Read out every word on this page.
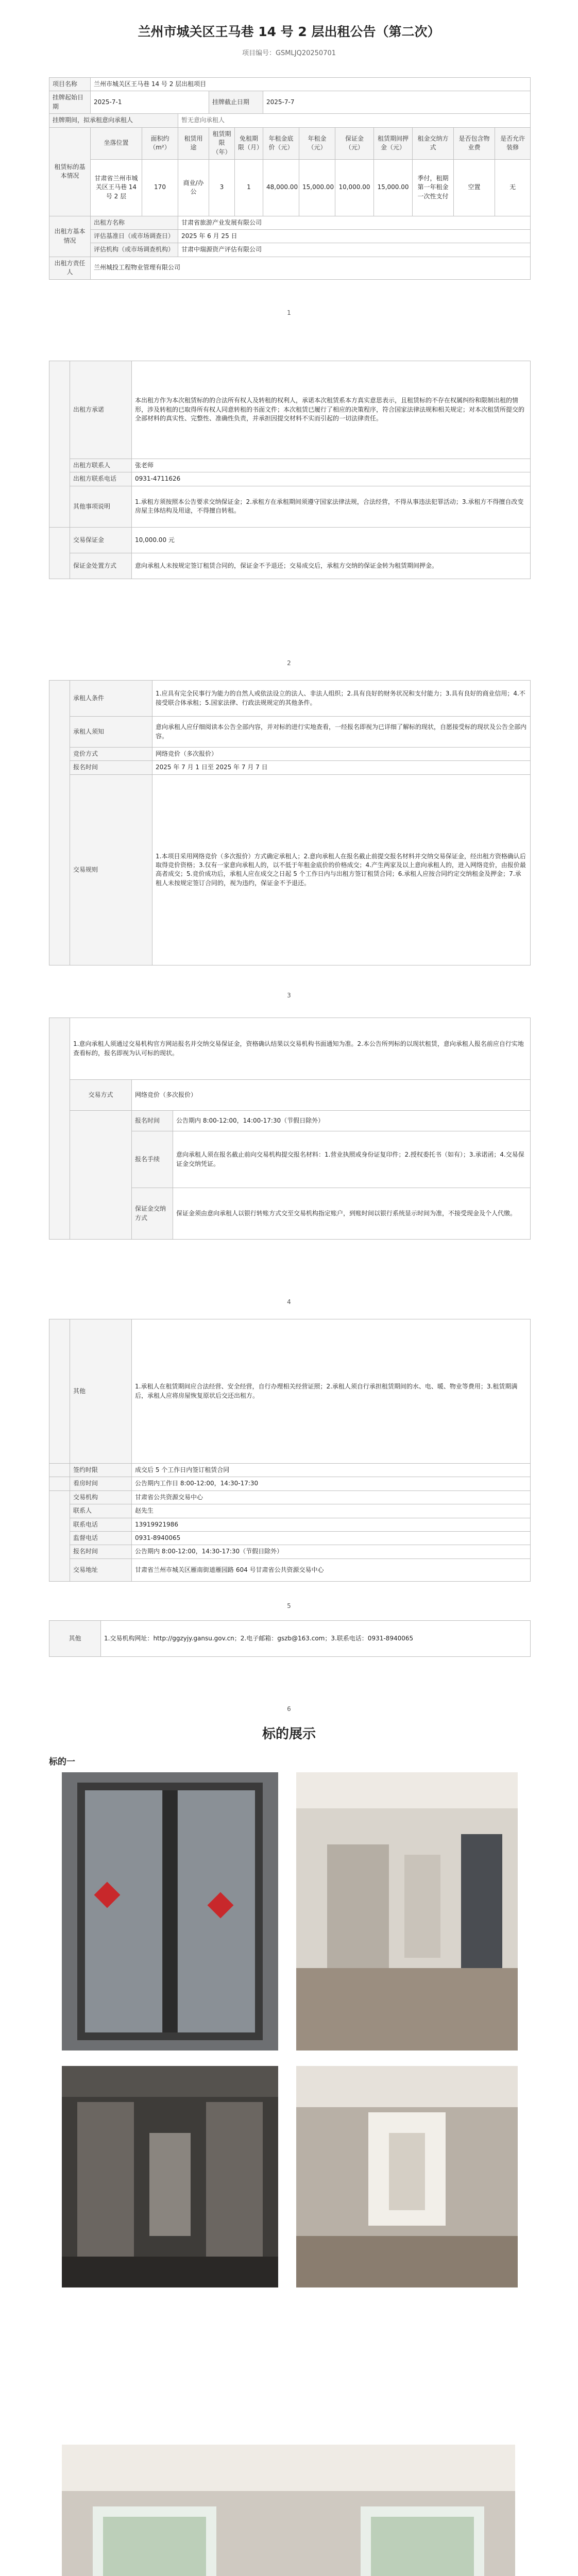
兰州市城关区王马巷 14 号 2 层出租公告（第二次）
项目编号：GSMLJQ20250701
项目名称	兰州市城关区王马巷 14 号 2 层出租项目											
挂牌起始日期	2025-7-1			挂牌截止日期		2025-7-7						
挂牌期间，拟承租意向承租人			暂无意向承租人									
租赁标的基本情况	坐落位置	面积约（m²）	租赁用途	租赁期限（年）	免租期限（月）	年租金底价（元）	年租金（元）	保证金（元）	租赁期间押金（元）	租金交纳方式	是否包含物业费	是否允许装修
	甘肃省兰州市城关区王马巷 14 号 2 层	170	商业/办公	3	1	48,000.00	15,000.00	10,000.00	15,000.00	季付，租期第一年租金一次性支付	空置	无
出租方基本情况	出租方名称		甘肃省旅游产业发展有限公司									
	评估基准日（或市场调查日）		2025 年 6 月 25 日									
	评估机构（或市场调查机构）		甘肃中瑞源资产评估有限公司									
出租方责任人	兰州城投工程物业管理有限公司											
1
	出租方承诺	本出租方作为本次租赁标的的合法所有权人及转租的权利人，承诺本次租赁系本方真实意思表示，且租赁标的不存在权属纠纷和限制出租的情形，涉及转租的已取得所有权人同意转租的书面文件；本次租赁已履行了相应的决策程序，符合国家法律法规和相关规定；对本次租赁所提交的全部材料的真实性、完整性、准确性负责，并承担因提交材料不实而引起的一切法律责任。
	出租方联系人	张老师
	出租方联系电话	0931-4711626
	其他事项说明	1.承租方须按照本公告要求交纳保证金；2.承租方在承租期间须遵守国家法律法规，合法经营，不得从事违法犯罪活动；3.承租方不得擅自改变房屋主体结构及用途，不得擅自转租。
	交易保证金	10,000.00 元
	保证金处置方式	意向承租人未按规定签订租赁合同的，保证金不予退还；交易成交后，承租方交纳的保证金转为租赁期间押金。
2
	承租人条件	1.应具有完全民事行为能力的自然人或依法设立的法人、非法人组织；2.具有良好的财务状况和支付能力；3.具有良好的商业信用；4.不接受联合体承租；5.国家法律、行政法规规定的其他条件。
	承租人须知	意向承租人应仔细阅读本公告全部内容，并对标的进行实地查看，一经报名即视为已详细了解标的现状，自愿接受标的现状及公告全部内容。
	竞价方式	网络竞价（多次报价）
	报名时间	2025 年 7 月 1 日至 2025 年 7 月 7 日
	交易规则	1.本项目采用网络竞价（多次报价）方式确定承租人；2.意向承租人在报名截止前提交报名材料并交纳交易保证金，经出租方资格确认后取得竞价资格；3.仅有一家意向承租人的，以不低于年租金底价的价格成交；4.产生两家及以上意向承租人的，进入网络竞价，由报价最高者成交；5.竞价成功后，承租人应在成交之日起 5 个工作日内与出租方签订租赁合同；6.承租人应按合同约定交纳租金及押金；7.承租人未按规定签订合同的，视为违约，保证金不予退还。
3
	1.意向承租人须通过交易机构官方网站报名并交纳交易保证金，资格确认结果以交易机构书面通知为准。2.本公告所列标的以现状租赁，意向承租人报名前应自行实地查看标的，报名即视为认可标的现状。		
	交易方式	网络竞价（多次报价）	
		报名时间	公告期内 8:00-12:00，14:00-17:30（节假日除外）
		报名手续	意向承租人须在报名截止前向交易机构提交报名材料：1.营业执照或身份证复印件；2.授权委托书（如有）；3.承诺函；4.交易保证金交纳凭证。
		保证金交纳方式	保证金须由意向承租人以银行转账方式交至交易机构指定账户，到账时间以银行系统显示时间为准，不接受现金及个人代缴。
4
	其他	1.承租人在租赁期间应合法经营、安全经营，自行办理相关经营证照；2.承租人须自行承担租赁期间的水、电、暖、物业等费用；3.租赁期满后，承租人应将房屋恢复原状后交还出租方。
	签约时限	成交后 5 个工作日内签订租赁合同
	看房时间	公告期内工作日 8:00-12:00，14:30-17:30
	交易机构	甘肃省公共资源交易中心
	联系人	赵先生
	联系电话	13919921986
	监督电话	0931-8940065
	报名时间	公告期内 8:00-12:00，14:30-17:30（节假日除外）
	交易地址	甘肃省兰州市城关区雁南街道雁园路 604 号甘肃省公共资源交易中心
5
其他	1.交易机构网址：http://ggzyjy.gansu.gov.cn；2.电子邮箱：gszb@163.com；3.联系电话：0931-8940065
6
标的展示
标的一
